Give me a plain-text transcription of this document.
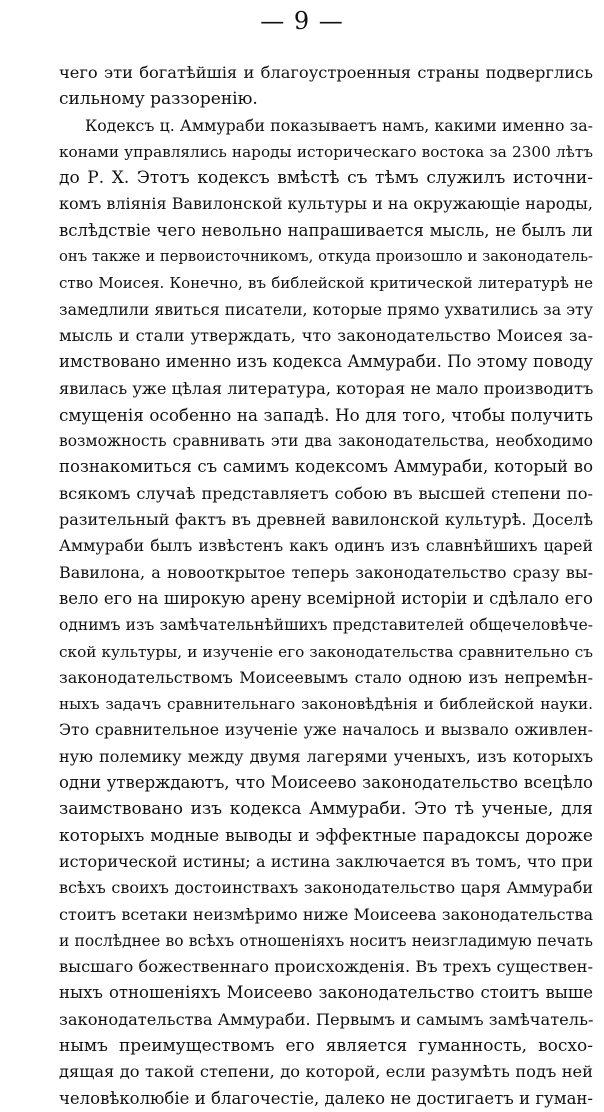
— 9 —
чего эти богатѣйшія и благоустроенныя страны подверглись
сильному раззоренію.
Кодексъ ц. Аммураби показываетъ намъ, какими именно за-
конами управлялись народы историческаго востока за 2300 лѣтъ
до Р. Х. Этотъ кодексъ вмѣстѣ съ тѣмъ служилъ источни-
комъ вліянія Вавилонской культуры и на окружающіе народы,
вслѣдствіе чего невольно напрашивается мысль, не былъ ли
онъ также и первоисточникомъ, откуда произошло и законодатель-
ство Моисея. Конечно, въ библейской критической литературѣ не
замедлили явиться писатели, которые прямо ухватились за эту
мысль и стали утверждать, что законодательство Моисея за-
имствовано именно изъ кодекса Аммураби. По этому поводу
явилась уже цѣлая литература, которая не мало производитъ
смущенія особенно на западѣ. Но для того, чтобы получить
возможность сравнивать эти два законодательства, необходимо
познакомиться съ самимъ кодексомъ Аммураби, который во
всякомъ случаѣ представляетъ собою въ высшей степени по-
разительный фактъ въ древней вавилонской культурѣ. Доселѣ
Аммураби былъ извѣстенъ какъ одинъ изъ славнѣйшихъ царей
Вавилона, а новооткрытое теперь законодательство сразу вы-
вело его на широкую арену всемірной исторіи и сдѣлало его
однимъ изъ замѣчательнѣйшихъ представителей общечеловѣче-
ской культуры, и изученіе его законодательства сравнительно съ
законодательствомъ Моисеевымъ стало одною изъ непремѣн-
ныхъ задачъ сравнительнаго законовѣдѣнія и библейской науки.
Это сравнительное изученіе уже началось и вызвало оживлен-
ную полемику между двумя лагерями ученыхъ, изъ которыхъ
одни утверждаютъ, что Моисеево законодательство всецѣло
заимствовано изъ кодекса Аммураби. Это тѣ ученые, для
которыхъ модные выводы и эффектные парадоксы дороже
исторической истины; а истина заключается въ томъ, что при
всѣхъ своихъ достоинствахъ законодательство царя Аммураби
стоитъ всетаки неизмѣримо ниже Моисеева законодательства
и послѣднее во всѣхъ отношеніяхъ носитъ неизгладимую печать
высшаго божественнаго происхожденія. Въ трехъ существен-
ныхъ отношеніяхъ Моисеево законодательство стоитъ выше
законодательства Аммураби. Первымъ и самымъ замѣчатель-
нымъ преимуществомъ его является гуманность, восхо-
дящая до такой степени, до которой, если разумѣть подъ ней
человѣколюбіе и благочестіе, далеко не достигаетъ и гуман-
